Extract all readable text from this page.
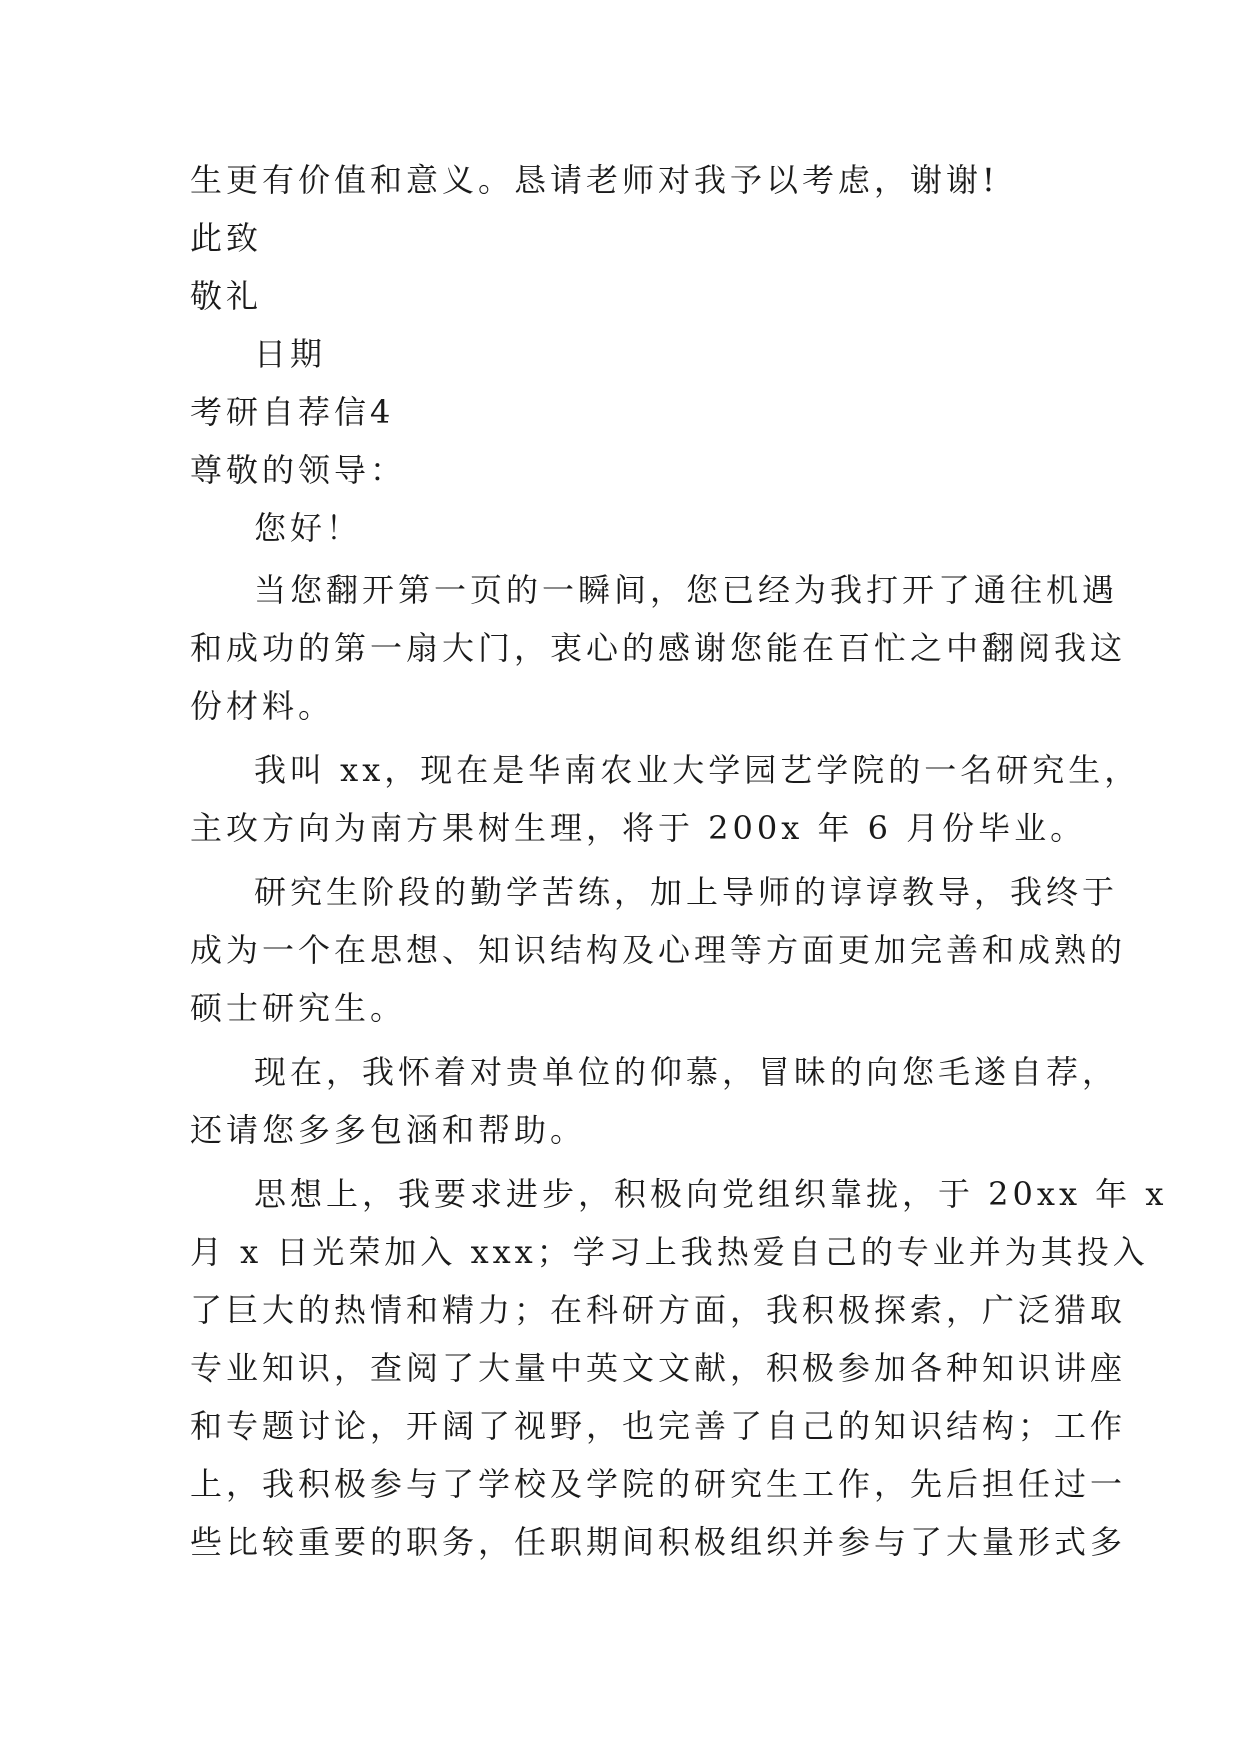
生更有价值和意义。恳请老师对我予以考虑，谢谢!
此致
敬礼
日期
考研自荐信4
尊敬的领导：
您好！
当您翻开第一页的一瞬间，您已经为我打开了通往机遇
和成功的第一扇大门，衷心的感谢您能在百忙之中翻阅我这
份材料。
我叫 xx，现在是华南农业大学园艺学院的一名研究生，
主攻方向为南方果树生理，将于 200x 年 6 月份毕业。
研究生阶段的勤学苦练，加上导师的谆谆教导，我终于
成为一个在思想、知识结构及心理等方面更加完善和成熟的
硕士研究生。
现在，我怀着对贵单位的仰慕，冒昧的向您毛遂自荐，
还请您多多包涵和帮助。
思想上，我要求进步，积极向党组织靠拢，于 20xx 年 x
月 x 日光荣加入 xxx；学习上我热爱自己的专业并为其投入
了巨大的热情和精力；在科研方面，我积极探索，广泛猎取
专业知识，查阅了大量中英文文献，积极参加各种知识讲座
和专题讨论，开阔了视野，也完善了自己的知识结构；工作
上，我积极参与了学校及学院的研究生工作，先后担任过一
些比较重要的职务，任职期间积极组织并参与了大量形式多
